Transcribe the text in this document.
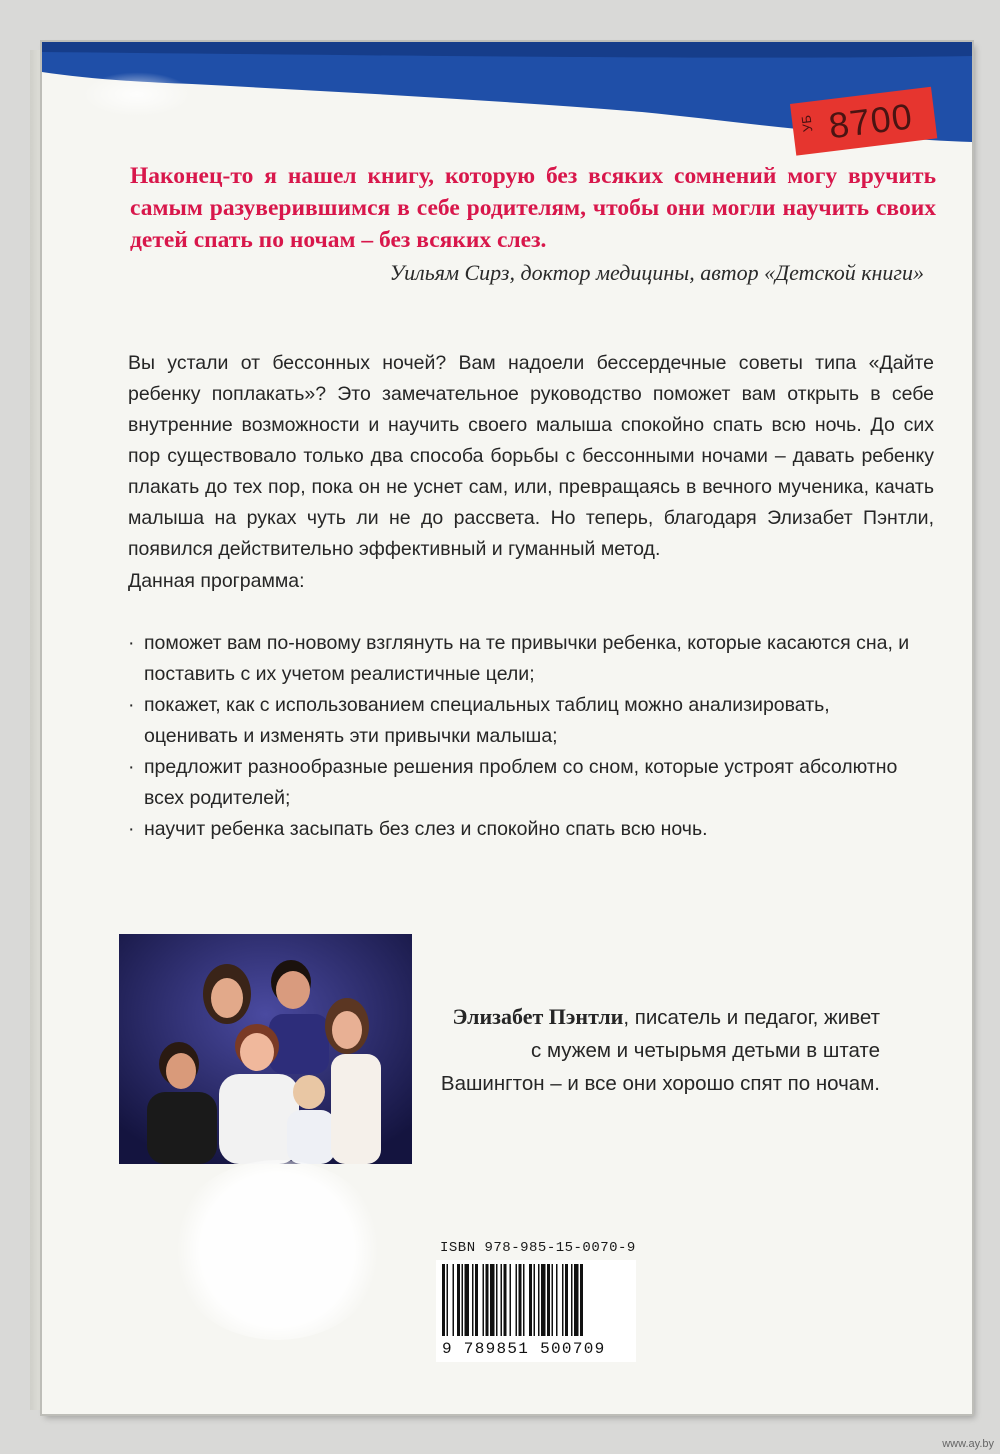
УБ 8700
Наконец-то я нашел книгу, которую без всяких сомнений могу вручить самым разуверившимся в себе родителям, чтобы они могли научить своих детей спать по ночам – без всяких слез.
Уильям Сирз, доктор медицины, автор «Детской книги»
Вы устали от бессонных ночей? Вам надоели бессердечные советы типа «Дайте ребенку поплакать»? Это замечательное руководство поможет вам открыть в себе внутренние возможности и научить своего малыша спокойно спать всю ночь. До сих пор существовало только два способа борьбы с бессонными ночами – давать ребенку плакать до тех пор, пока он не уснет сам, или, превращаясь в вечного мученика, качать малыша на руках чуть ли не до рассвета. Но теперь, благодаря Элизабет Пэнтли, появился действительно эффективный и гуманный метод.
Данная программа:
· поможет вам по-новому взглянуть на те привычки ребенка, которые касаются сна, и поставить с их учетом реалистичные цели;
· покажет, как с использованием специальных таблиц можно анализировать, оценивать и изменять эти привычки малыша;
· предложит разнообразные решения проблем со сном, которые устроят абсолютно всех родителей;
· научит ребенка засыпать без слез и спокойно спать всю ночь.
Элизабет Пэнтли, писатель и педагог, живет с мужем и четырьмя детьми в штате Вашингтон – и все они хорошо спят по ночам.
ISBN 978-985-15-0070-9
9 789851 500709
www.ay.by
